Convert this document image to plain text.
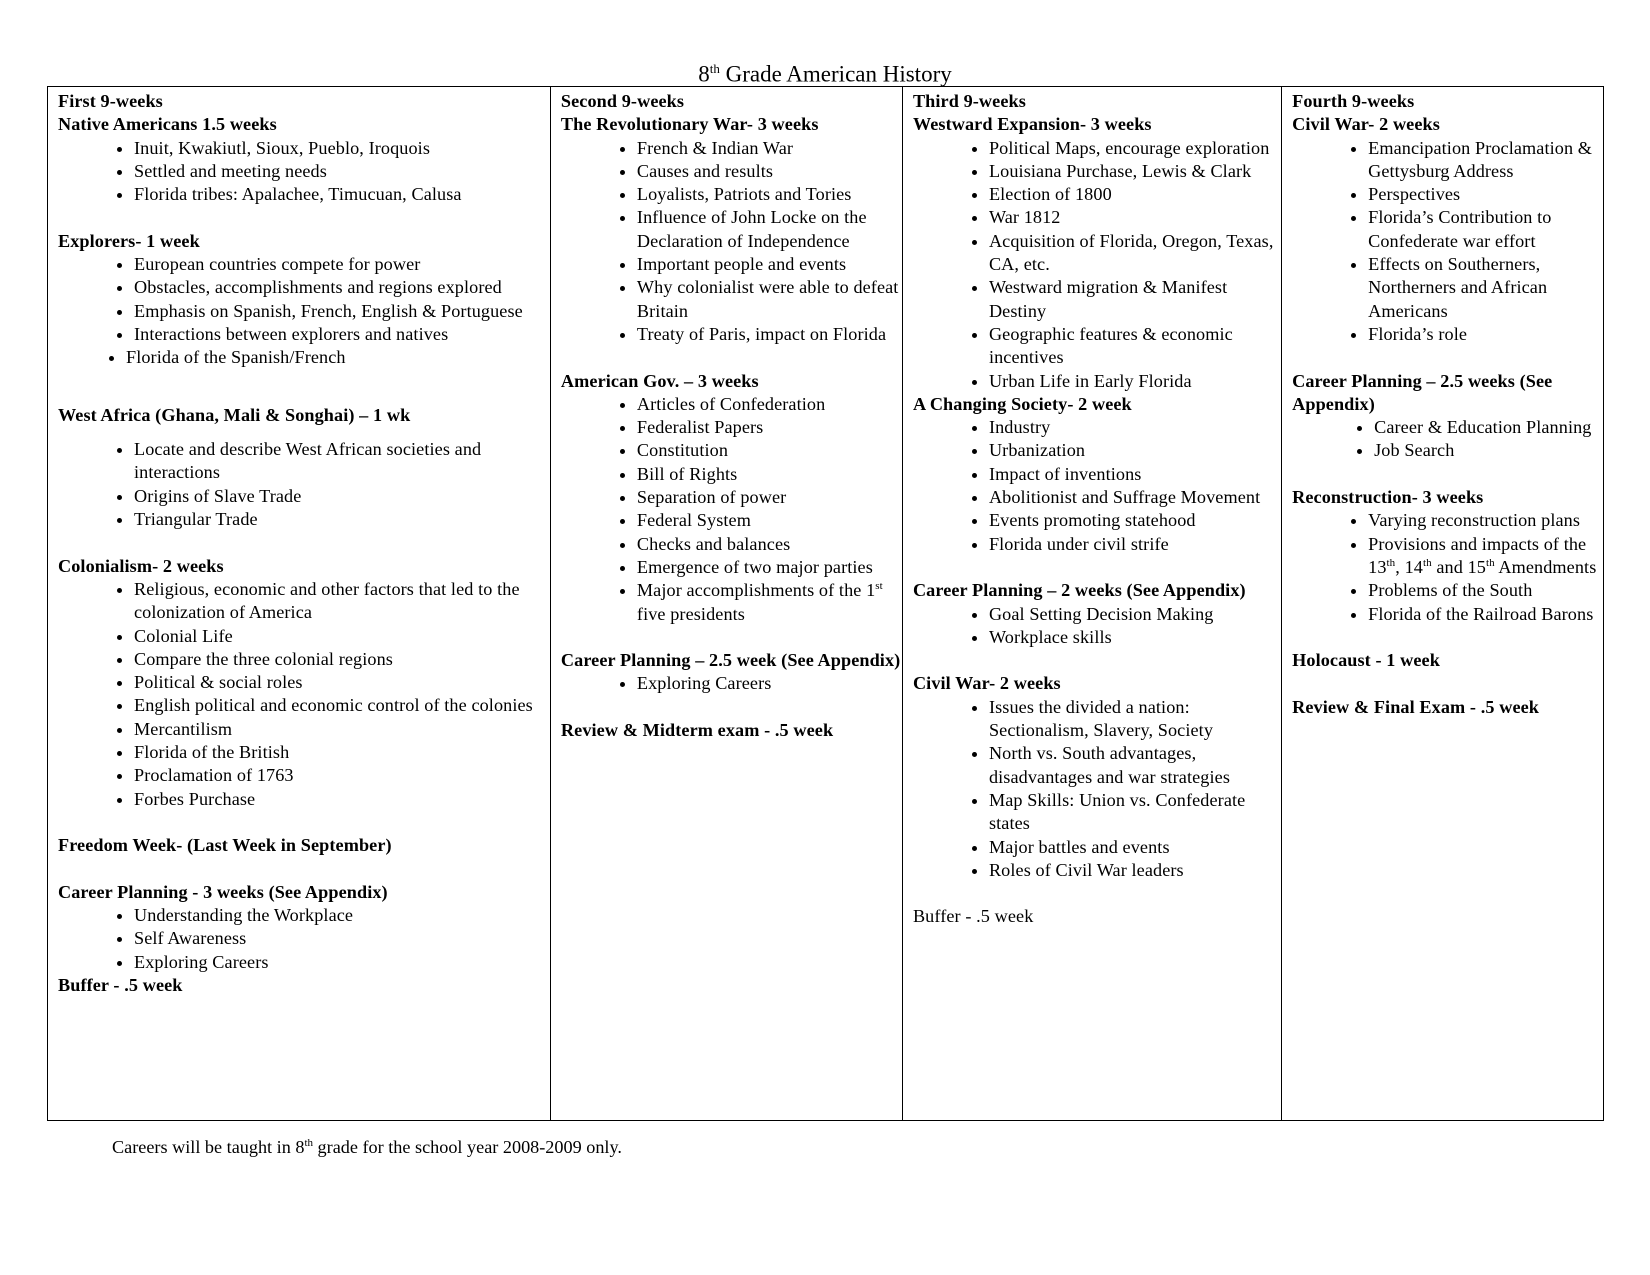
8th Grade American History

First 9-weeks

Native Americans 1.5 weeks

• Inuit, Kwakiutl, Sioux, Pueblo, Iroquois
• Settled and meeting needs
• Florida tribes: Apalachee, Timucuan, Calusa

Explorers- 1 week

• European countries compete for power
• Obstacles, accomplishments and regions explored
• Emphasis on Spanish, French, English & Portuguese
• Interactions between explorers and natives
• Florida of the Spanish/French

West Africa (Ghana, Mali & Songhai) – 1 wk

• Locate and describe West African societies and interactions
• Origins of Slave Trade
• Triangular Trade

Colonialism- 2 weeks

• Religious, economic and other factors that led to the colonization of America
• Colonial Life
• Compare the three colonial regions
• Political & social roles
• English political and economic control of the colonies
• Mercantilism
• Florida of the British
• Proclamation of 1763
• Forbes Purchase

Freedom Week- (Last Week in September)

Career Planning - 3 weeks (See Appendix)

• Understanding the Workplace
• Self Awareness
• Exploring Careers

Buffer - .5 week

Second 9-weeks

The Revolutionary War- 3 weeks

• French & Indian War
• Causes and results
• Loyalists, Patriots and Tories
• Influence of John Locke on the Declaration of Independence
• Important people and events
• Why colonialist were able to defeat Britain
• Treaty of Paris, impact on Florida

American Gov. – 3 weeks

• Articles of Confederation
• Federalist Papers
• Constitution
• Bill of Rights
• Separation of power
• Federal System
• Checks and balances
• Emergence of two major parties
• Major accomplishments of the 1st five presidents

Career Planning – 2.5 week (See Appendix)

• Exploring Careers

Review & Midterm exam - .5 week

Third 9-weeks

Westward Expansion- 3 weeks

• Political Maps, encourage exploration
• Louisiana Purchase, Lewis & Clark
• Election of 1800
• War 1812
• Acquisition of Florida, Oregon, Texas, CA, etc.
• Westward migration & Manifest Destiny
• Geographic features & economic incentives
• Urban Life in Early Florida

A Changing Society- 2 week

• Industry
• Urbanization
• Impact of inventions
• Abolitionist and Suffrage Movement
• Events promoting statehood
• Florida under civil strife

Career Planning – 2 weeks (See Appendix)

• Goal Setting Decision Making
• Workplace skills

Civil War- 2 weeks

• Issues the divided a nation: Sectionalism, Slavery, Society
• North vs. South advantages, disadvantages and war strategies
• Map Skills: Union vs. Confederate states
• Major battles and events
• Roles of Civil War leaders

Buffer - .5 week

Fourth 9-weeks

Civil War- 2 weeks

• Emancipation Proclamation & Gettysburg Address
• Perspectives
• Florida’s Contribution to Confederate war effort
• Effects on Southerners, Northerners and African Americans
• Florida’s role

Career Planning – 2.5 weeks (See Appendix)

• Career & Education Planning
• Job Search

Reconstruction- 3 weeks

• Varying reconstruction plans
• Provisions and impacts of the 13th, 14th and 15th Amendments
• Problems of the South
• Florida of the Railroad Barons

Holocaust - 1 week

Review & Final Exam - .5 week

Careers will be taught in 8th grade for the school year 2008-2009 only.
